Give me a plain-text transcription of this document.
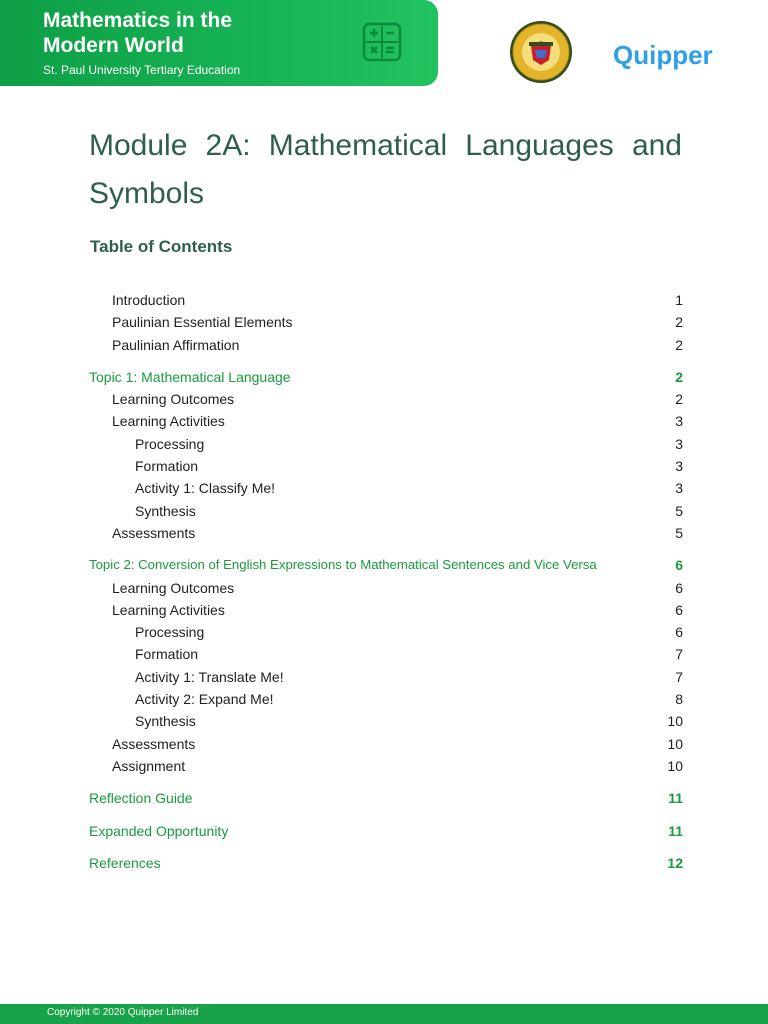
Mathematics in the Modern World
St. Paul University Tertiary Education	Quipper
Module 2A: Mathematical Languages and Symbols
Table of Contents
Introduction	1
Paulinian Essential Elements	2
Paulinian Affirmation	2
Topic 1: Mathematical Language	2
Learning Outcomes	2
Learning Activities	3
Processing	3
Formation	3
Activity 1: Classify Me!	3
Synthesis	5
Assessments	5
Topic 2: Conversion of English Expressions to Mathematical Sentences and Vice Versa	6
Learning Outcomes	6
Learning Activities	6
Processing	6
Formation	7
Activity 1: Translate Me!	7
Activity 2: Expand Me!	8
Synthesis	10
Assessments	10
Assignment	10
Reflection Guide	11
Expanded Opportunity	11
References	12
Copyright © 2020 Quipper Limited
